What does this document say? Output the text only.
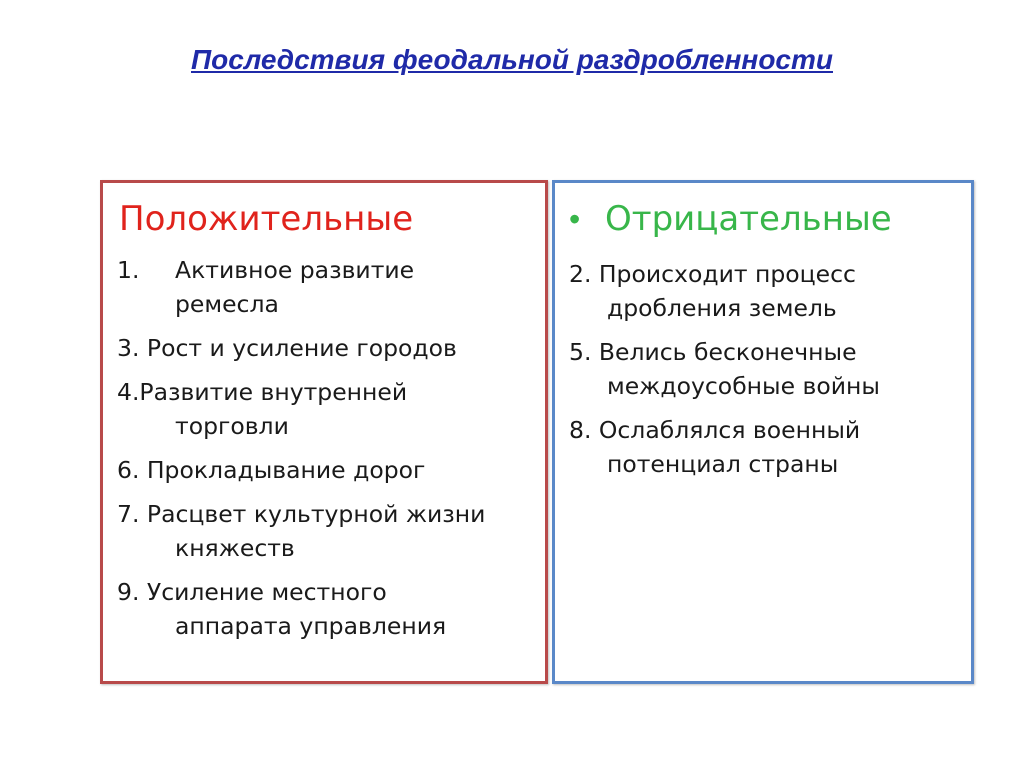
Последствия феодальной раздробленности
Положительные
1.	Активное развитие
ремесла
3. Рост и усиление городов
4.Развитие внутренней
торговли
6. Прокладывание дорог
7. Расцвет культурной жизни
княжеств
9. Усиление местного
аппарата управления
• Отрицательные
2. Происходит процесс
дробления земель
5. Велись бесконечные
междоусобные войны
8. Ослаблялся военный
потенциал страны
